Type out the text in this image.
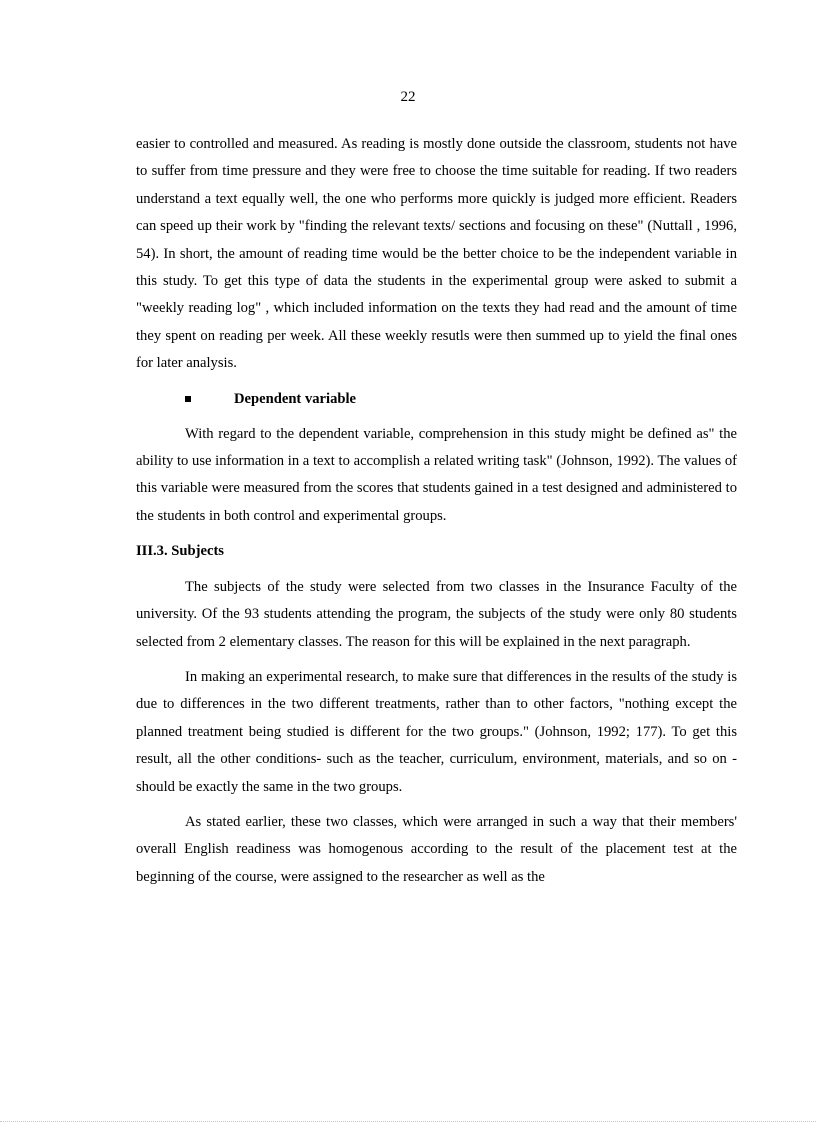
22

easier to controlled and measured. As reading is mostly done outside the classroom, students not have to suffer from time pressure and they were free to choose the time suitable for reading. If two readers understand a text equally well, the one who performs more quickly is judged more efficient. Readers can speed up their work by "finding the relevant texts/ sections and focusing on these" (Nuttall , 1996, 54). In short, the amount of reading time would be the better choice to be the independent variable in this study. To get this type of data the students in the experimental group were asked to submit a "weekly reading log" , which included information on the texts they had read and the amount of time they spent on reading per week. All these weekly resutls were then summed up to yield the final ones for later analysis.

Dependent variable

With regard to the dependent variable, comprehension in this study might be defined as" the ability to use information in a text to accomplish a related writing task" (Johnson, 1992). The values of this variable were measured from the scores that students gained in a test designed and administered to the students in both control and experimental groups.

III.3. Subjects

The subjects of the study were selected from two classes in the Insurance Faculty of the university. Of the 93 students attending the program, the subjects of the study were only 80 students selected from 2 elementary classes. The reason for this will be explained in the next paragraph.

In making an experimental research, to make sure that differences in the results of the study is due to differences in the two different treatments, rather than to other factors, "nothing except the planned treatment being studied is different for the two groups." (Johnson, 1992; 177). To get this result, all the other conditions- such as the teacher, curriculum, environment, materials, and so on - should be exactly the same in the two groups.

As stated earlier, these two classes, which were arranged in such a way that their members' overall English readiness was homogenous according to the result of the placement test at the beginning of the course, were assigned to the researcher as well as the
